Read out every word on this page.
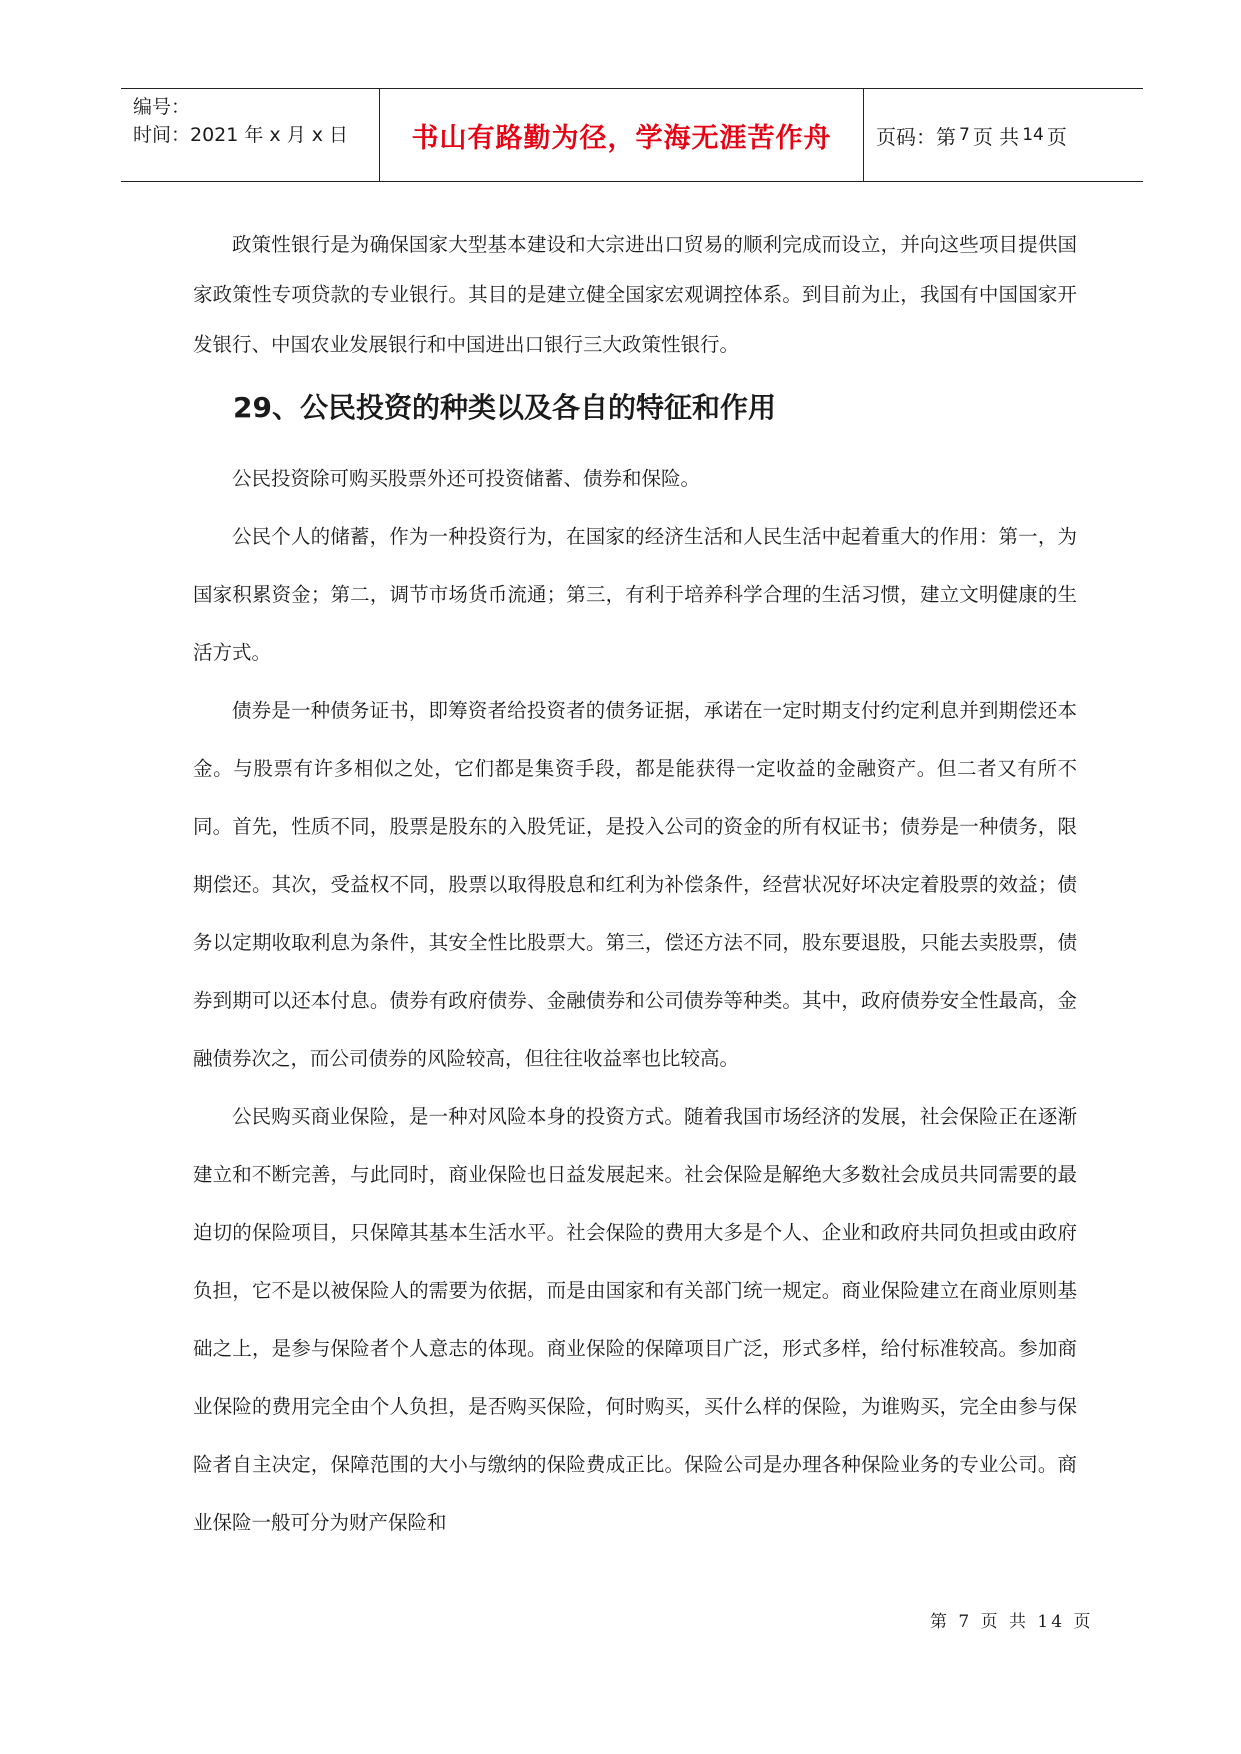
编号：
时间：2021 年 x 月 x 日	书山有路勤为径，学海无涯苦作舟	页码：第 7 页 共 14 页

政策性银行是为确保国家大型基本建设和大宗进出口贸易的顺利完成而设立，并向这些项目提供国家政策性专项贷款的专业银行。其目的是建立健全国家宏观调控体系。到目前为止，我国有中国国家开发银行、中国农业发展银行和中国进出口银行三大政策性银行。

29、公民投资的种类以及各自的特征和作用

公民投资除可购买股票外还可投资储蓄、债券和保险。

公民个人的储蓄，作为一种投资行为，在国家的经济生活和人民生活中起着重大的作用：第一，为国家积累资金；第二，调节市场货币流通；第三，有利于培养科学合理的生活习惯，建立文明健康的生活方式。

债券是一种债务证书，即筹资者给投资者的债务证据，承诺在一定时期支付约定利息并到期偿还本金。与股票有许多相似之处，它们都是集资手段，都是能获得一定收益的金融资产。但二者又有所不同。首先，性质不同，股票是股东的入股凭证，是投入公司的资金的所有权证书；债券是一种债务，限期偿还。其次，受益权不同，股票以取得股息和红利为补偿条件，经营状况好坏决定着股票的效益；债务以定期收取利息为条件，其安全性比股票大。第三，偿还方法不同，股东要退股，只能去卖股票，债券到期可以还本付息。债券有政府债券、金融债券和公司债券等种类。其中，政府债券安全性最高，金融债券次之，而公司债券的风险较高，但往往收益率也比较高。

公民购买商业保险，是一种对风险本身的投资方式。随着我国市场经济的发展，社会保险正在逐渐建立和不断完善，与此同时，商业保险也日益发展起来。社会保险是解绝大多数社会成员共同需要的最迫切的保险项目，只保障其基本生活水平。社会保险的费用大多是个人、企业和政府共同负担或由政府负担，它不是以被保险人的需要为依据，而是由国家和有关部门统一规定。商业保险建立在商业原则基础之上，是参与保险者个人意志的体现。商业保险的保障项目广泛，形式多样，给付标准较高。参加商业保险的费用完全由个人负担，是否购买保险，何时购买，买什么样的保险，为谁购买，完全由参与保险者自主决定，保障范围的大小与缴纳的保险费成正比。保险公司是办理各种保险业务的专业公司。商业保险一般可分为财产保险和

第 7 页 共 14 页
